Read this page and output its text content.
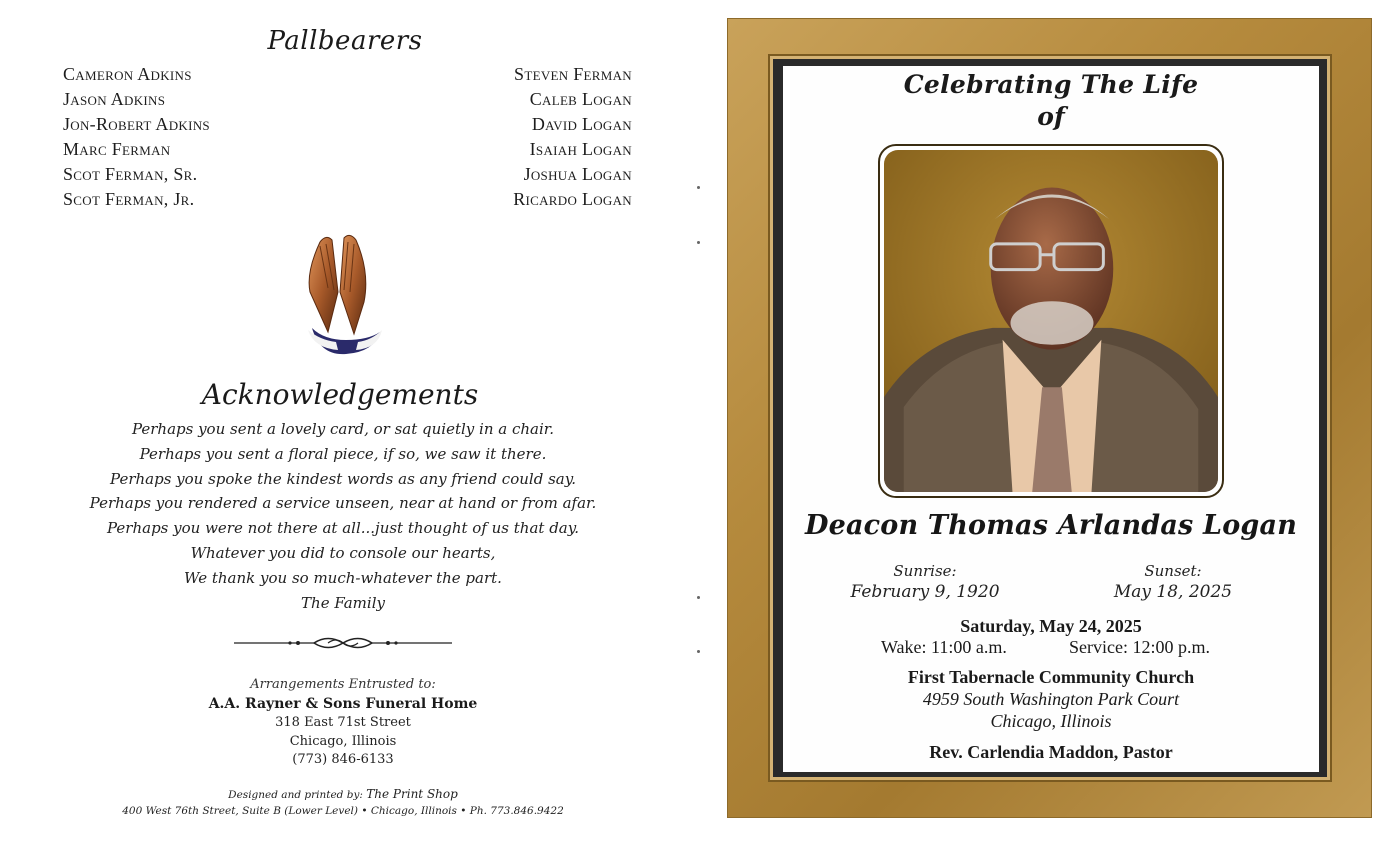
Pallbearers
Cameron Adkins
Jason Adkins
Jon-Robert Adkins
Marc Ferman
Scot Ferman, Sr.
Scot Ferman, Jr.
Steven Ferman
Caleb Logan
David Logan
Isaiah Logan
Joshua Logan
Ricardo Logan
Acknowledgements
Perhaps you sent a lovely card, or sat quietly in a chair.
Perhaps you sent a floral piece, if so, we saw it there.
Perhaps you spoke the kindest words as any friend could say.
Perhaps you rendered a service unseen, near at hand or from afar.
Perhaps you were not there at all...just thought of us that day.
Whatever you did to console our hearts,
We thank you so much-whatever the part.
The Family
Arrangements Entrusted to:
A.A. Rayner & Sons Funeral Home
318 East 71st Street
Chicago, Illinois
(773) 846-6133
Designed and printed by: The Print Shop
400 West 76th Street, Suite B (Lower Level) • Chicago, Illinois • Ph. 773.846.9422
Celebrating The Life
of
Deacon Thomas Arlandas Logan
Sunrise:
February 9, 1920
Sunset:
May 18, 2025
Saturday, May 24, 2025
Wake: 11:00 a.m.	Service: 12:00 p.m.
First Tabernacle Community Church
4959 South Washington Park Court
Chicago, Illinois
Rev. Carlendia Maddon, Pastor
